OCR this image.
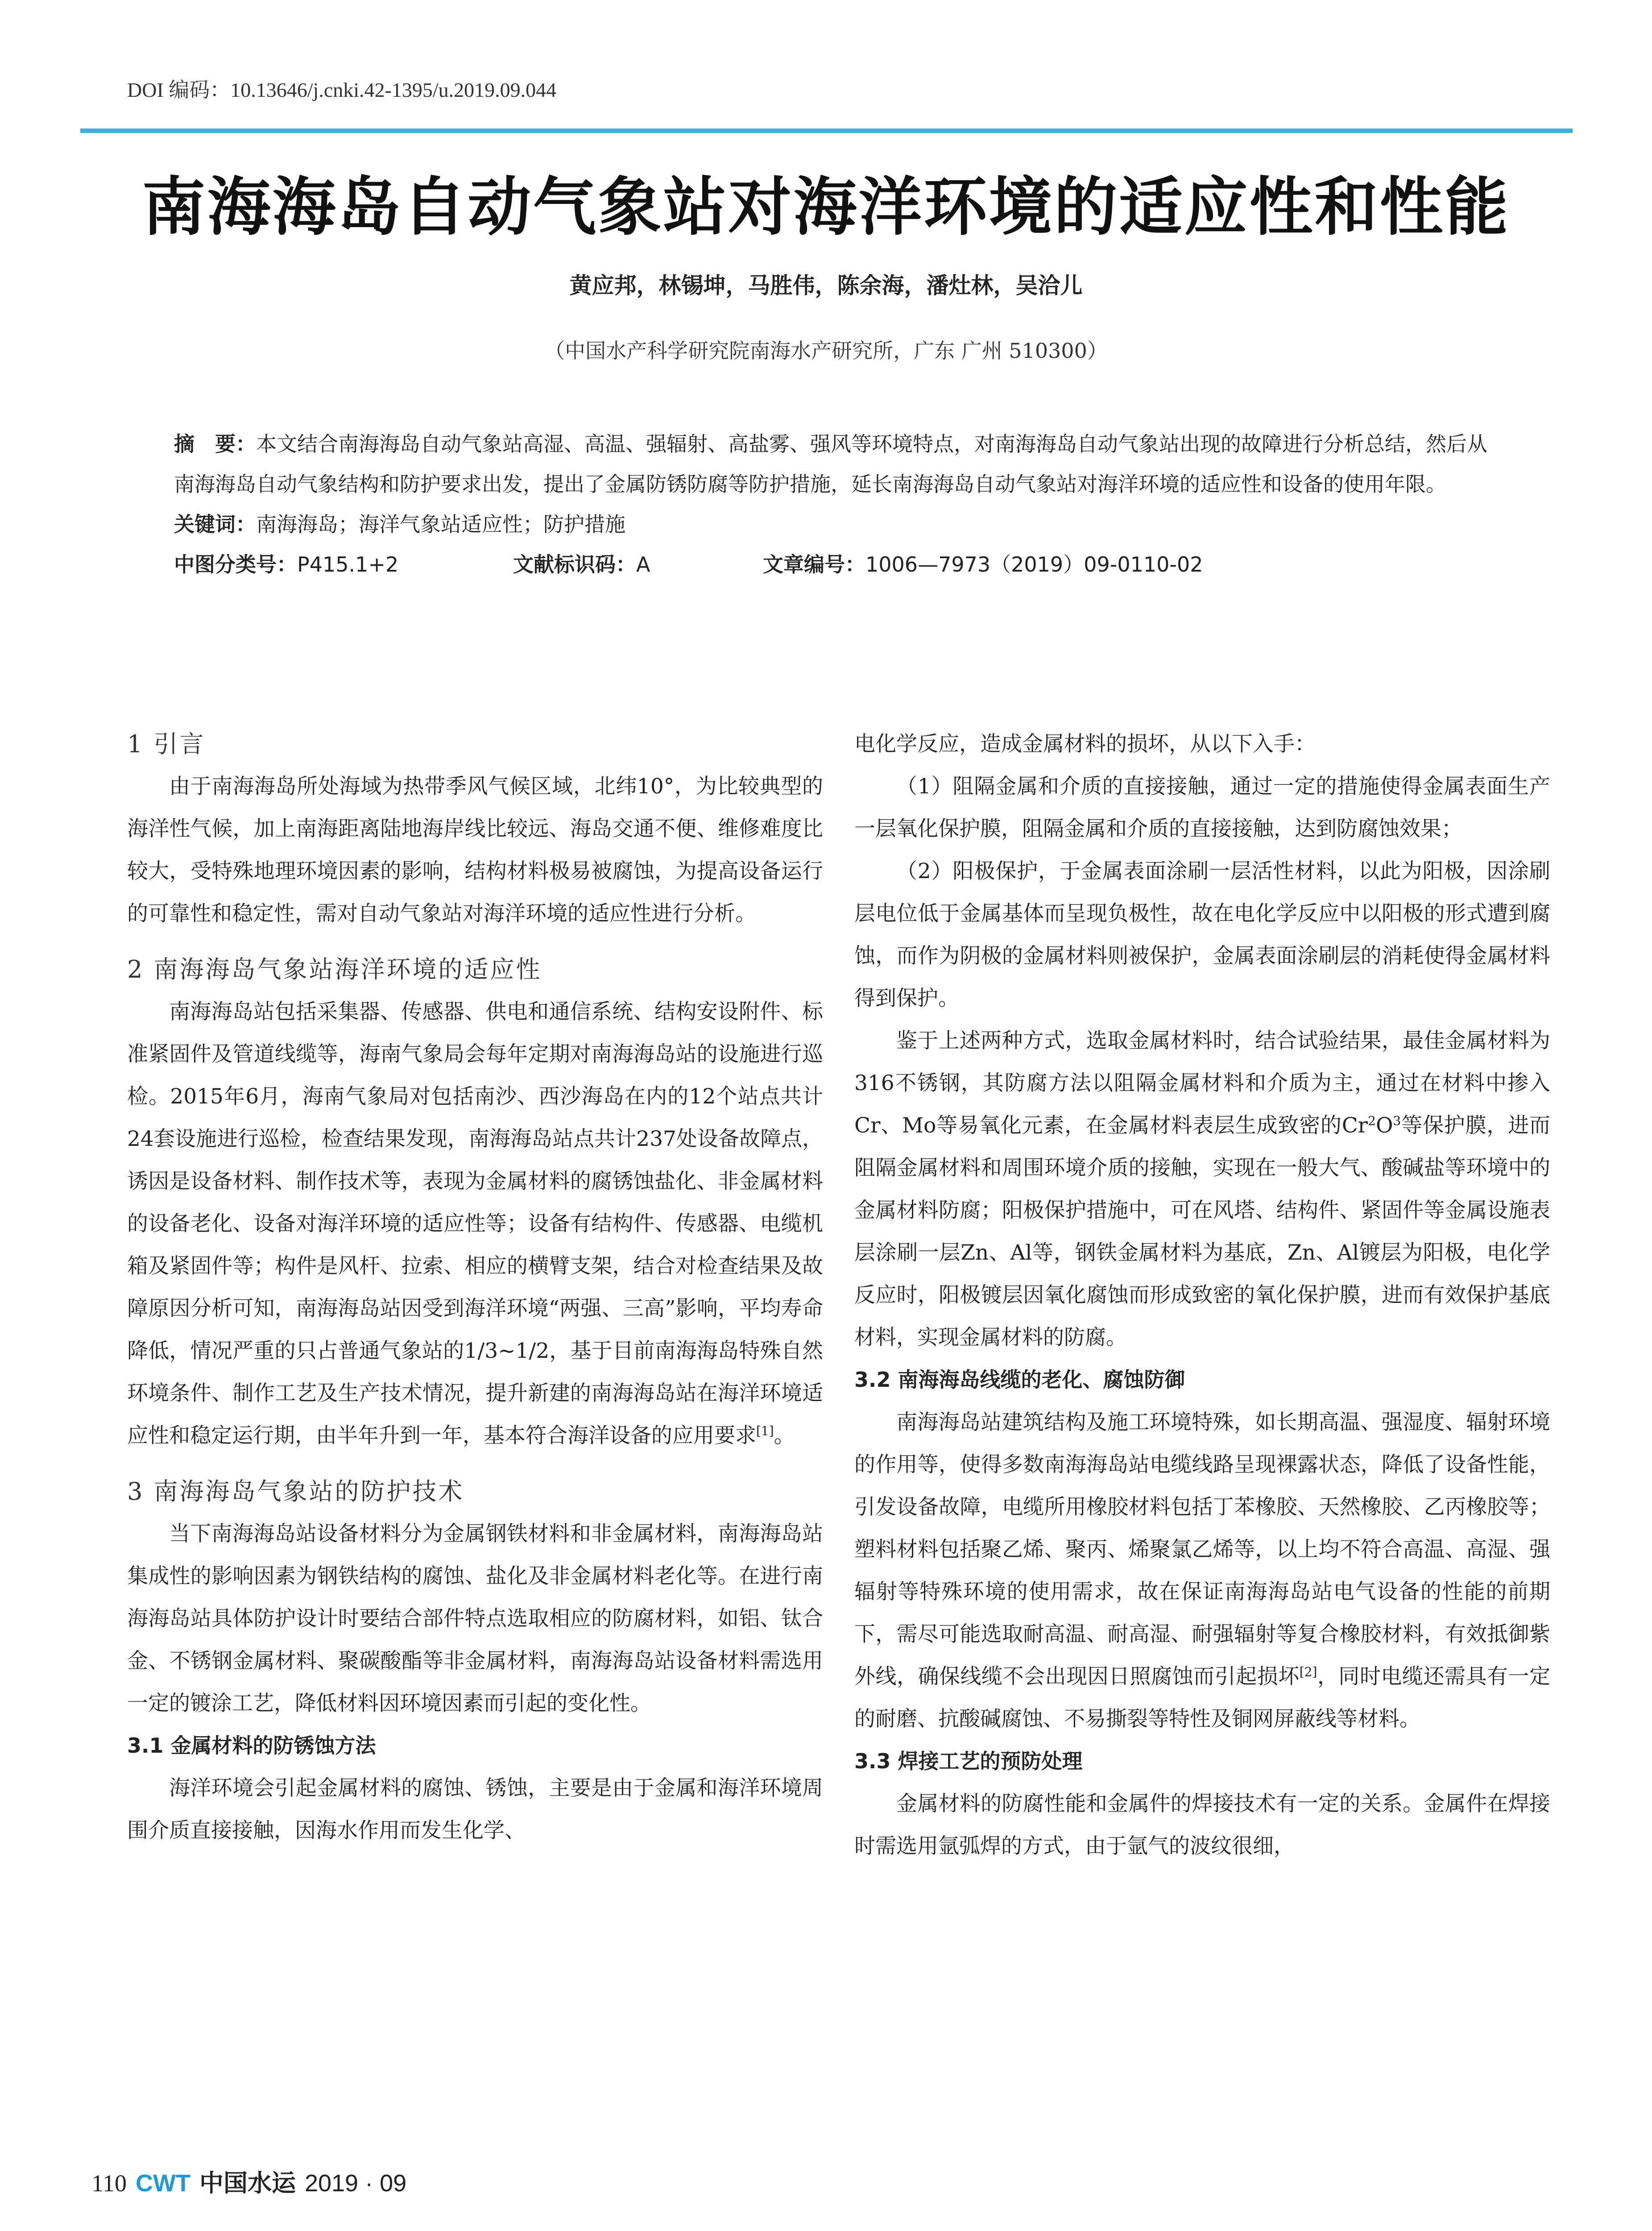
DOI 编码：10.13646/j.cnki.42-1395/u.2019.09.044
南海海岛自动气象站对海洋环境的适应性和性能
黄应邦，林锡坤，马胜伟，陈余海，潘灶林，吴洽儿
（中国水产科学研究院南海水产研究所，广东 广州 510300）

摘　要：本文结合南海海岛自动气象站高湿、高温、强辐射、高盐雾、强风等环境特点，对南海海岛自动气象站出现的故障进行分析总结，然后从南海海岛自动气象结构和防护要求出发，提出了金属防锈防腐等防护措施，延长南海海岛自动气象站对海洋环境的适应性和设备的使用年限。

关键词：南海海岛；海洋气象站适应性；防护措施

中图分类号：P415.1+2	文献标识码：A	文章编号：1006—7973（2019）09-0110-02

1 引言

由于南海海岛所处海域为热带季风气候区域，北纬10°，为比较典型的海洋性气候，加上南海距离陆地海岸线比较远、海岛交通不便、维修难度比较大，受特殊地理环境因素的影响，结构材料极易被腐蚀，为提高设备运行的可靠性和稳定性，需对自动气象站对海洋环境的适应性进行分析。

2 南海海岛气象站海洋环境的适应性

南海海岛站包括采集器、传感器、供电和通信系统、结构安设附件、标准紧固件及管道线缆等，海南气象局会每年定期对南海海岛站的设施进行巡检。2015年6月，海南气象局对包括南沙、西沙海岛在内的12个站点共计24套设施进行巡检，检查结果发现，南海海岛站点共计237处设备故障点，诱因是设备材料、制作技术等，表现为金属材料的腐锈蚀盐化、非金属材料的设备老化、设备对海洋环境的适应性等；设备有结构件、传感器、电缆机箱及紧固件等；构件是风杆、拉索、相应的横臂支架，结合对检查结果及故障原因分析可知，南海海岛站因受到海洋环境“两强、三高”影响，平均寿命降低，情况严重的只占普通气象站的1/3~1/2，基于目前南海海岛特殊自然环境条件、制作工艺及生产技术情况，提升新建的南海海岛站在海洋环境适应性和稳定运行期，由半年升到一年，基本符合海洋设备的应用要求[1]。

3 南海海岛气象站的防护技术

当下南海海岛站设备材料分为金属钢铁材料和非金属材料，南海海岛站集成性的影响因素为钢铁结构的腐蚀、盐化及非金属材料老化等。在进行南海海岛站具体防护设计时要结合部件特点选取相应的防腐材料，如铝、钛合金、不锈钢金属材料、聚碳酸酯等非金属材料，南海海岛站设备材料需选用一定的镀涂工艺，降低材料因环境因素而引起的变化性。

3.1 金属材料的防锈蚀方法

海洋环境会引起金属材料的腐蚀、锈蚀，主要是由于金属和海洋环境周围介质直接接触，因海水作用而发生化学、

电化学反应，造成金属材料的损坏，从以下入手：

（1）阻隔金属和介质的直接接触，通过一定的措施使得金属表面生产一层氧化保护膜，阻隔金属和介质的直接接触，达到防腐蚀效果；

（2）阳极保护，于金属表面涂刷一层活性材料，以此为阳极，因涂刷层电位低于金属基体而呈现负极性，故在电化学反应中以阳极的形式遭到腐蚀，而作为阴极的金属材料则被保护，金属表面涂刷层的消耗使得金属材料得到保护。

鉴于上述两种方式，选取金属材料时，结合试验结果，最佳金属材料为316不锈钢，其防腐方法以阻隔金属材料和介质为主，通过在材料中掺入Cr、Mo等易氧化元素，在金属材料表层生成致密的$Cr^2O^3$等保护膜，进而阻隔金属材料和周围环境介质的接触，实现在一般大气、酸碱盐等环境中的金属材料防腐；阳极保护措施中，可在风塔、结构件、紧固件等金属设施表层涂刷一层Zn、Al等，钢铁金属材料为基底，Zn、Al镀层为阳极，电化学反应时，阳极镀层因氧化腐蚀而形成致密的氧化保护膜，进而有效保护基底材料，实现金属材料的防腐。

3.2 南海海岛线缆的老化、腐蚀防御

南海海岛站建筑结构及施工环境特殊，如长期高温、强湿度、辐射环境的作用等，使得多数南海海岛站电缆线路呈现裸露状态，降低了设备性能，引发设备故障，电缆所用橡胶材料包括丁苯橡胶、天然橡胶、乙丙橡胶等；塑料材料包括聚乙烯、聚丙、烯聚氯乙烯等，以上均不符合高温、高湿、强辐射等特殊环境的使用需求，故在保证南海海岛站电气设备的性能的前期下，需尽可能选取耐高温、耐高湿、耐强辐射等复合橡胶材料，有效抵御紫外线，确保线缆不会出现因日照腐蚀而引起损坏[2]，同时电缆还需具有一定的耐磨、抗酸碱腐蚀、不易撕裂等特性及铜网屏蔽线等材料。

3.3 焊接工艺的预防处理

金属材料的防腐性能和金属件的焊接技术有一定的关系。金属件在焊接时需选用氩弧焊的方式，由于氩气的波纹很细，

110 CWT 中国水运 2019 · 09
